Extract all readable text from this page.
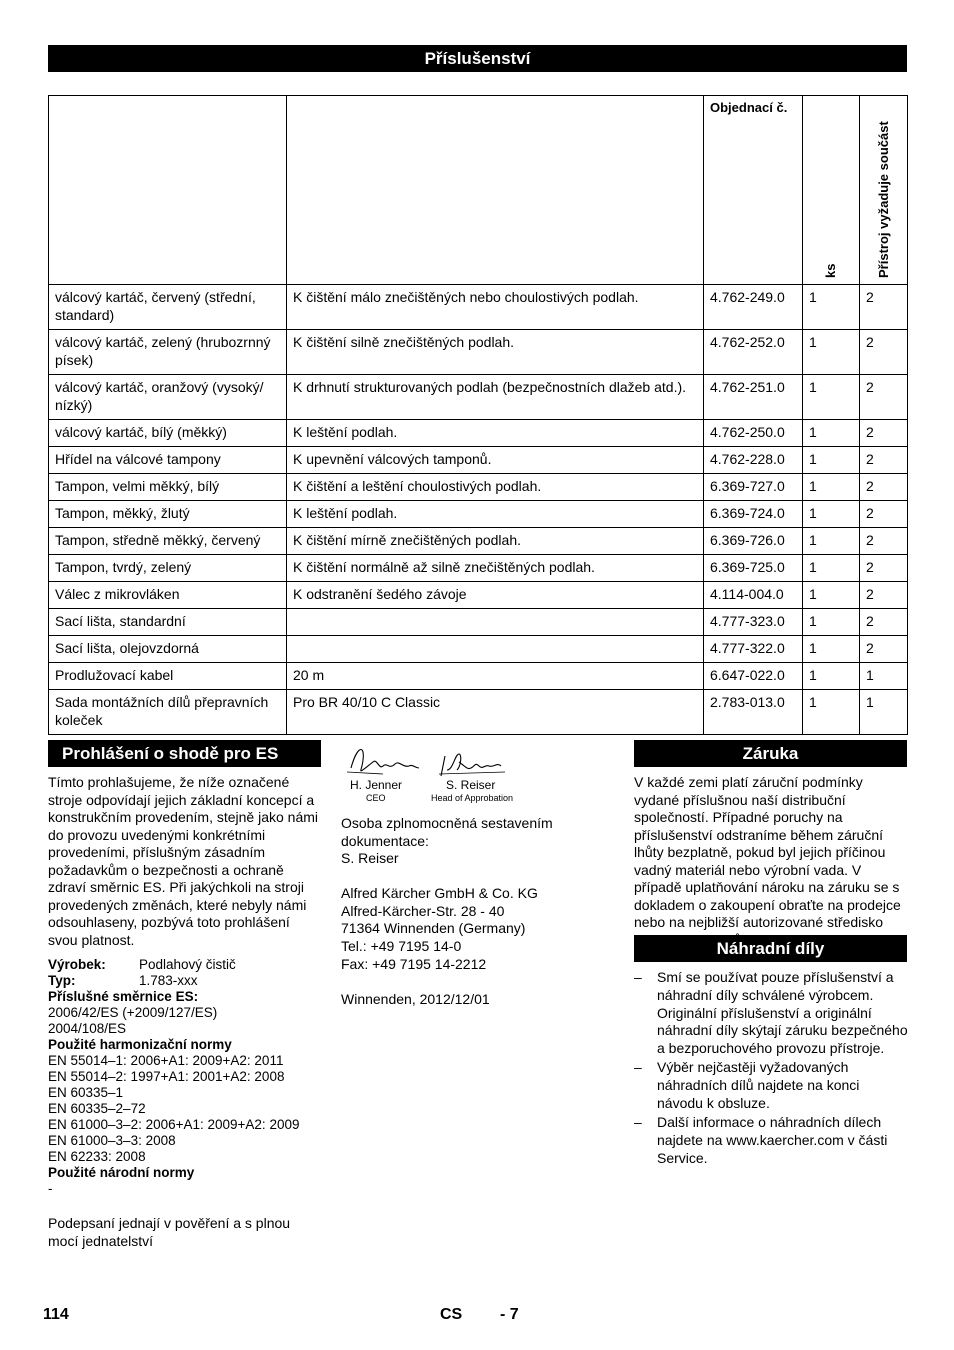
Příslušenství
		Objednací č.	ks	Přístroj vyžaduje součást

válcový kartáč, červený (střední, standard)	K čištění málo znečištěných nebo choulostivých podlah.	4.762-249.0	1	2
válcový kartáč, zelený (hrubozrnný písek)	K čištění silně znečištěných podlah.	4.762-252.0	1	2
válcový kartáč, oranžový (vysoký/ nízký)	K drhnutí strukturovaných podlah (bezpečnostních dlažeb atd.).	4.762-251.0	1	2
válcový kartáč, bílý (měkký)	K leštění podlah.	4.762-250.0	1	2
Hřídel na válcové tampony	K upevnění válcových tamponů.	4.762-228.0	1	2
Tampon, velmi měkký, bílý	K čištění a leštění choulostivých podlah.	6.369-727.0	1	2
Tampon, měkký, žlutý	K leštění podlah.	6.369-724.0	1	2
Tampon, středně měkký, červený	K čištění mírně znečištěných podlah.	6.369-726.0	1	2
Tampon, tvrdý, zelený	K čištění normálně až silně znečištěných podlah.	6.369-725.0	1	2
Válec z mikrovláken	K odstranění šedého závoje	4.114-004.0	1	2
Sací lišta, standardní		4.777-323.0	1	2
Sací lišta, olejovzdorná		4.777-322.0	1	2
Prodlužovací kabel	20 m	6.647-022.0	1	1
Sada montážních dílů přepravních koleček	Pro BR 40/10 C Classic	2.783-013.0	1	1
Prohlášení o shodě pro ES
Tímto prohlašujeme, že níže označené stroje odpovídají jejich základní koncepcí a konstrukčním provedením, stejně jako námi do provozu uvedenými konkrétními provedeními, příslušným zásadním požadavkům o bezpečnosti a ochraně zdraví směrnic ES. Při jakýchkoli na stroji provedených změnách, které nebyly námi odsouhlaseny, pozbývá toto prohlášení svou platnost.
Výrobek: Podlahový čistič
Typ:	1.783-xxx
Příslušné směrnice ES:
2006/42/ES (+2009/127/ES)
2004/108/ES
Použité harmonizační normy
EN 55014–1: 2006+A1: 2009+A2: 2011
EN 55014–2: 1997+A1: 2001+A2: 2008
EN 60335–1
EN 60335–2–72
EN 61000–3–2: 2006+A1: 2009+A2: 2009
EN 61000–3–3: 2008
EN 62233: 2008
Použité národní normy
-
Podepsaní jednají v pověření a s plnou mocí jednatelství
H. Jenner
CEO
S. Reiser
Head of Approbation
Osoba zplnomocněná sestavením dokumentace:
S. Reiser
Alfred Kärcher GmbH & Co. KG
Alfred-Kärcher-Str. 28 - 40
71364 Winnenden (Germany)
Tel.: +49 7195 14-0
Fax: +49 7195 14-2212
Winnenden, 2012/12/01
Záruka
V každé zemi platí záruční podmínky vydané příslušnou naší distribuční společností. Případné poruchy na příslušenství odstraníme během záruční lhůty bezplatně, pokud byl jejich příčinou vadný materiál nebo výrobní vada. V případě uplatňování nároku na záruku se s dokladem o zakoupení obraťte na prodejce nebo na nejbližší autorizované středisko
Náhradní díly
– Smí se používat pouze příslušenství a náhradní díly schválené výrobcem. Originální příslušenství a originální náhradní díly skýtají záruku bezpečného a bezporuchového provozu přístroje.
– Výběr nejčastěji vyžadovaných náhradních dílů najdete na konci návodu k obsluze.
– Další informace o náhradních dílech najdete na www.kaercher.com v části Service.
114	CS - 7
